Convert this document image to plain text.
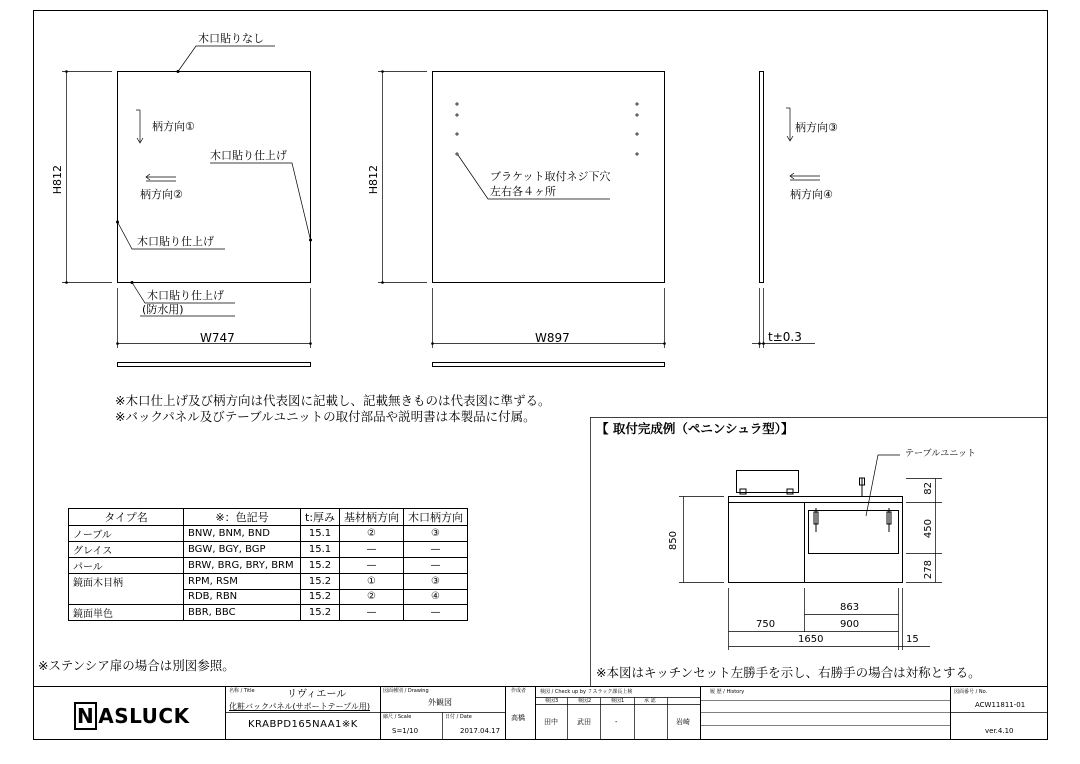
木口貼りなし
柄方向①
木口貼り仕上げ
柄方向②
木口貼り仕上げ
木口貼り仕上げ
(防水用)
ブラケット取付ネジ下穴
左右各４ヶ所
柄方向③
柄方向④
H812	H812
W747	W897	t±0.3
※木口仕上げ及び柄方向は代表図に記載し、記載無きものは代表図に準ずる。
※バックパネル及びテーブルユニットの取付部品や説明書は本製品に付属。
タイプ名	※：色記号	t:厚み	基材柄方向	木口柄方向
ノーブル	BNW, BNM, BND	15.1	②	③
グレイス	BGW, BGY, BGP	15.1	—	—
パール	BRW, BRG, BRY, BRM	15.2	—	—
鏡面木目柄	RPM, RSM	15.2	①	③
	RDB, RBN	15.2	②	④
鏡面単色	BBR, BBC	15.2	—	—
※ステンシア扉の場合は別図参照。
【 取付完成例（ペニンシュラ型）】
テーブルユニット
82
450
278
850
863
750	900
1650	15
※本図はキッチンセット左勝手を示し、右勝手の場合は対称とする。
N ASLUCK
名称 / Title	リヴィエール
化粧バックパネル(サポートテープル用)
KRABPD165NAA1※K
図面種別 / Drawing
外観図
縮尺 / Scale
S=1/10
日付 / Date
2017.04.17
作成者
高橋
検図 / Check up by ７スラック課長上検
検図3	検図2	検図1	承 認
田中	武田	-	岩崎
履 歴 / History	図面番号 / No.
ACW11811-01
ver.4.10
